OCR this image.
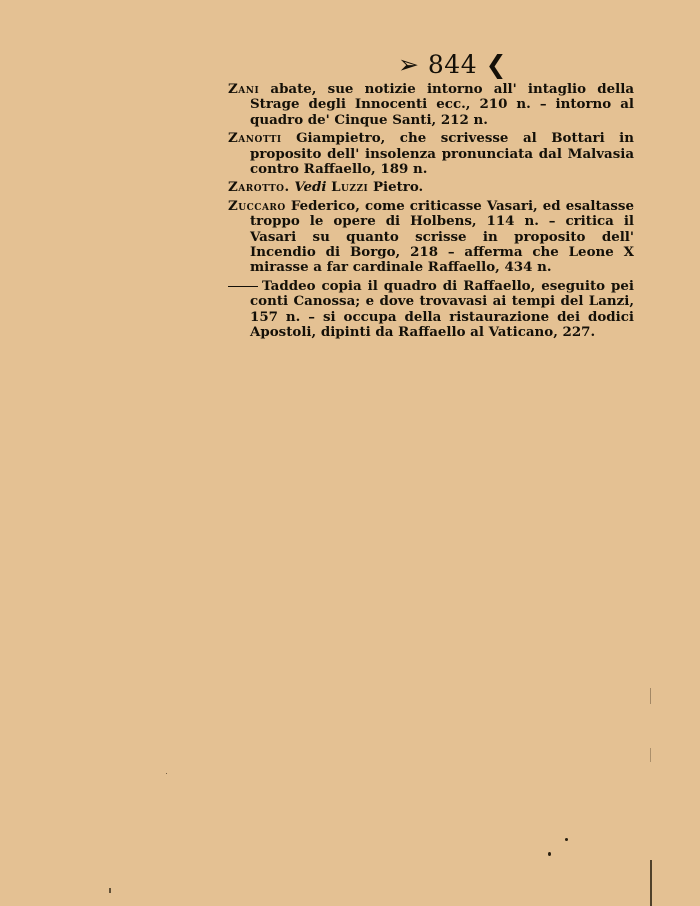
➢ 844 ❮

Zani abate, sue notizie intorno all' intaglio della Strage degli Innocenti ecc., 210 n. – intorno al quadro de' Cinque Santi, 212 n.

Zanotti Giampietro, che scrivesse al Bottari in proposito dell' insolenza pronunciata dal Malvasia contro Raffaello, 189 n.

Zarotto. Vedi Luzzi Pietro.

Zuccaro Federico, come criticasse Vasari, ed esaltasse troppo le opere di Holbens, 114 n. – critica il Vasari su quanto scrisse in proposito dell' Incendio di Borgo, 218 – afferma che Leone X mirasse a far cardinale Raffaello, 434 n.

Taddeo copia il quadro di Raffaello, eseguito pei conti Canossa; e dove trovavasi ai tempi del Lanzi, 157 n. – si occupa della ristaurazione dei dodici Apostoli, dipinti da Raffaello al Vaticano, 227.
